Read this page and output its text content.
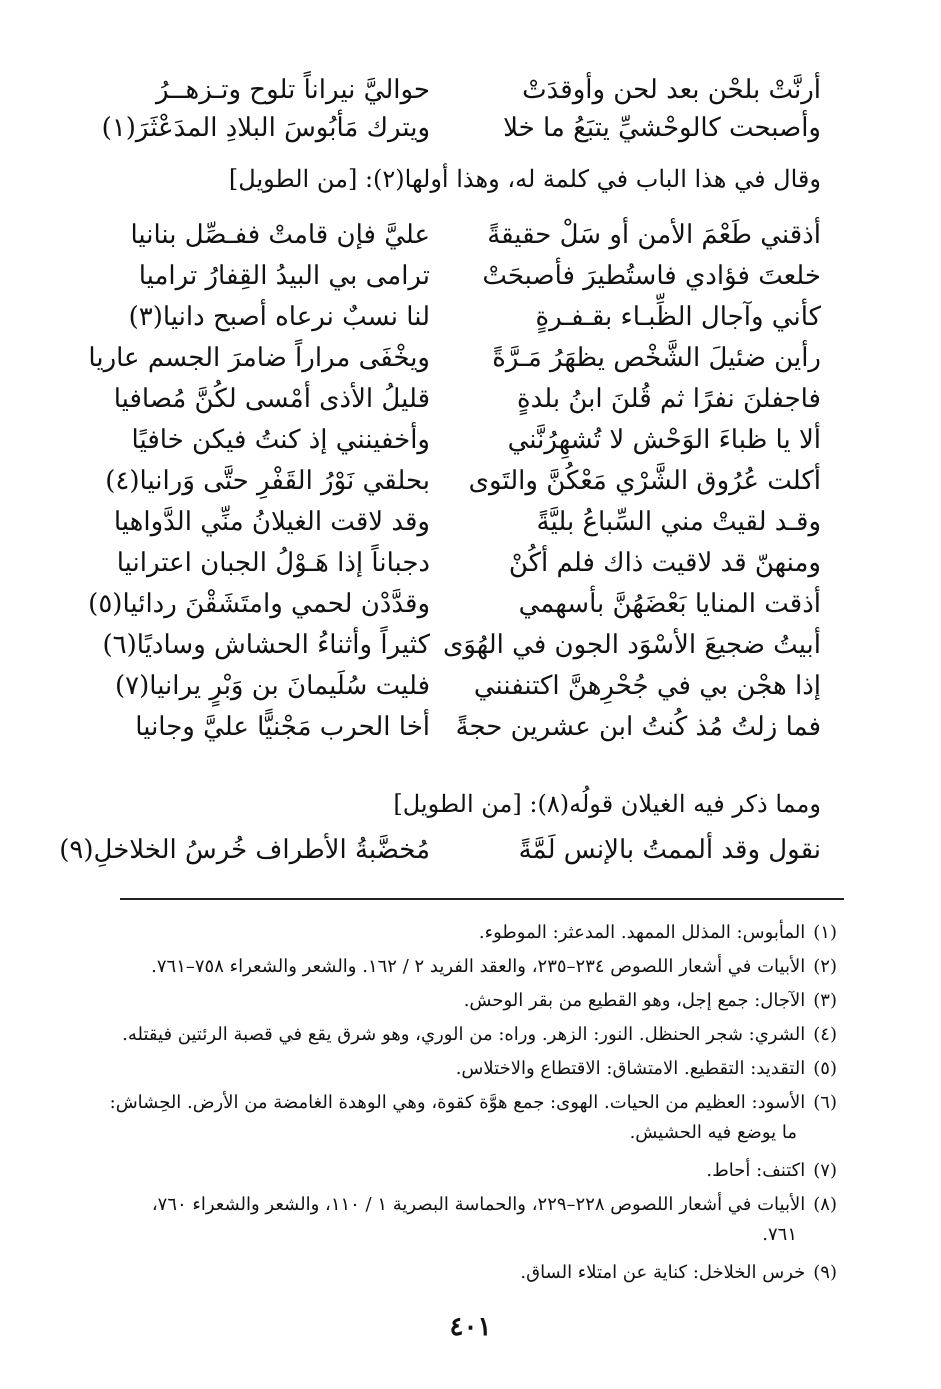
أرنَّتْ بلحْن بعد لحن وأوقدَتْ
حواليَّ نيراناً تلوح وتـزهــرُ
وأصبحت كالوحْشيِّ يتبَعُ ما خلا
ويترك مَأبُوسَ البلادِ المدَعْثَرَ(١)
وقال في هذا الباب في كلمة له، وهذا أولها(٢): [من الطويل]
أذقني طَعْمَ الأمن أو سَلْ حقيقةً
عليَّ فإن قامتْ ففـصِّل بنانيا
خلعتَ فؤادي فاستُطيرَ فأصبحَتْ
ترامى بي البيدُ القِفارُ تراميا
كأني وآجال الظِّبـاء بقـفـرةٍ
لنا نسبٌ نرعاه أصبح دانيا(٣)
رأين ضئيلَ الشَّخْص يظهَرُ مَـرَّةً
ويخْفَى مراراً ضامرَ الجسم عاريا
فاجفلنَ نفرًا ثم قُلنَ ابنُ بلدةٍ
قليلُ الأذى أمْسى لكُنَّ مُصافيا
ألا يا ظباءَ الوَحْش لا تُشهِرُنَّني
وأخفينني إذ كنتُ فيكن خافيًا
أكلت عُرُوق الشَّرْي مَعْكُنَّ والتَوى
بحلقي نَوْرُ القَفْرِ حتَّى وَرانيا(٤)
وقـد لقيتْ مني السِّباعُ بليَّةً
وقد لاقت الغيلانُ منِّي الدَّواهيا
ومنهنّ قد لاقيت ذاك فلم أكُنْ
دجباناً إذا هَـوْلُ الجبان اعترانيا
أذقت المنايا بَعْضَهُنَّ بأسهمي
وقدَّدْن لحمي وامتَشَقْنَ ردائيا(٥)
أبيتُ ضجيعَ الأسْوَد الجون في الهُوَى
كثيراً وأثناءُ الحشاش وساديًا(٦)
إذا هجْن بي في جُحْرِهنَّ اكتنفنني
فليت سُلَيمانَ بن وَبْرٍ يرانيا(٧)
فما زلتُ مُذ كُنتُ ابن عشرين حجةً
أخا الحرب مَجْنيًّا عليَّ وجانيا
ومما ذكر فيه الغيلان قولُه(٨): [من الطويل]
نقول وقد ألممتُ بالإنس لَمَّةً
مُخضَّبةُ الأطراف خُرسُ الخلاخلِ(٩)
(١)المأبوس: المذلل الممهد. المدعثر: الموطوء.
(٢)الأبيات في أشعار اللصوص ٢٣٤–٢٣٥، والعقد الفريد ٢ / ١٦٢. والشعر والشعراء ٧٥٨–٧٦١.
(٣)الآجال: جمع إجل، وهو القطيع من بقر الوحش.
(٤)الشري: شجر الحنظل. النور: الزهر. وراه: من الوري، وهو شرق يقع في قصبة الرئتين فيقتله.
(٥)التقديد: التقطيع. الامتشاق: الاقتطاع والاختلاس.
(٦)الأسود: العظيم من الحيات. الهوى: جمع هوَّة كقوة، وهي الوهدة الغامضة من الأرض. الحِشاش:
ما يوضع فيه الحشيش.
(٧)اكتنف: أحاط.
(٨)الأبيات في أشعار اللصوص ٢٢٨–٢٢٩، والحماسة البصرية ١ / ١١٠، والشعر والشعراء ٧٦٠،
٧٦١.
(٩)خرس الخلاخل: كناية عن امتلاء الساق.
٤٠١
